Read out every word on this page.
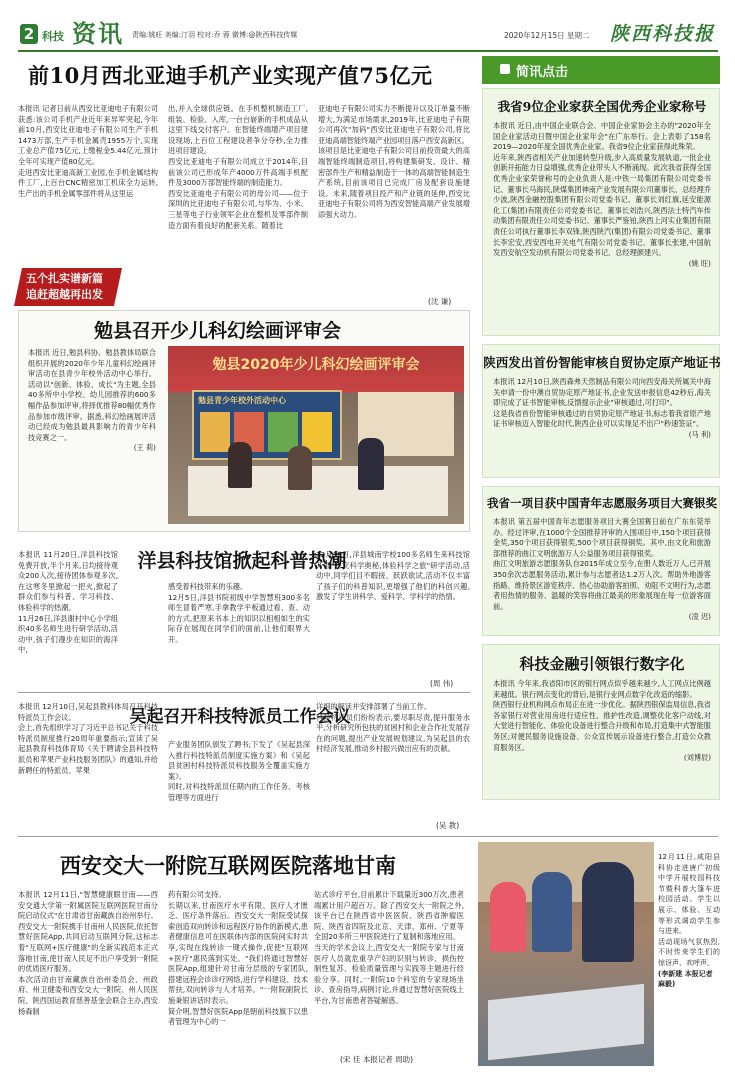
2 科技 资讯 责编:姚旺 美编:汀羽 校对:乔 蓉 微博:@陕西科技传媒	2020年12月15日 星期二 陕西科技报
前10月西北亚迪手机产业实现产值75亿元

本报讯 记者日前从西安比亚迪电子有限公司获悉:该公司手机产业近年来异军突起,今年前10月,西安比亚迪电子有限公司生产手机1473万部,生产手机金属壳1955万个,实现工业总产值75亿元,上缴税金5.44亿元,预计全年可实现产值80亿元。
走进西安比亚迪高新工业园,在手机金属结构件工厂,上百台CNC精密加工机床全力运转,生产出的手机金属零部件将从这里运

出,并入全球供应链。在手机整机制造工厂,组装、检验、入库,一台台崭新的手机成品从这里下线交付客户。在智能终端增产项目建设现场,上百位工程建设者争分夺秒,全力推进项目建设。
西安比亚迪电子有限公司成立于2014年,目前该公司已形成年产4000万件高端手机配件及3000万部智能终端的制造能力。
西安比亚迪电子有限公司的母公司——位于深圳的比亚迪电子有限公司,与华为、小米、三星等电子行业领军企业在整机及零部件制造方面有着良好的配套关系。随着比

亚迪电子有限公司实力不断提升以及订单量不断增大,为满足市场需求,2019年,比亚迪电子有限公司再次"加码"西安比亚迪电子有限公司,将比亚迪高端智能终端产业园项目落户西安高新区。
该项目是比亚迪电子有限公司目前投资最大的高端智能终端制造项目,将构建集研发、设计、精密部件生产和精益制造于一体的高端智能制造生产系统,目前该项目已完成厂房及配套设施建设。未来,随着项目投产和产业链的延伸,西安比亚迪电子有限公司将为西安智能高端产业发展增添强大动力。

(沈 谦)
五个扎实谱新篇
追赶超越再出发
勉县召开少儿科幻绘画评审会

本报讯 近日,勉县科协、勉县教体局联合组织开展的2020年少年儿童科幻绘画评审活动在县青少年校外活动中心举行。活动以"创新、体验、成长"为主题,全县40多所中小学校、幼儿园推荐的600多幅作品参加评审,将择优推荐80幅优秀作品参加市级评审。据悉,科幻绘画展评活动已经成为勉县最具影响力的青少年科技竞赛之一。
(王 莉)

勉县2020年少儿科幻绘画评审会
勉县青少年校外活动中心

本报讯 11月20日,洋县科技馆免费开放,半个月来,日均接待观众200人次,接待团体参观多次,在这寒冬里掀起一把火,掀起了群众们参与科普、学习科技、体验科学的热潮。
11月26日,洋县谢村中心小学组织40多名师生进行研学活动,活动中,孩子们漫步在知识的海洋中,

洋县科技馆掀起科普热潮

感受着科技带来的乐趣。
12月5日,洋县书院初级中学智慧班300多名师生冒着严寒,手拿教学平板通过看、查、动的方式,把原来书本上的知识以相相如生的实际存在展现在同学们的面前,让他们眼界大开。

12月10日,洋县城南学校100多名师生来科技馆开展"探究科学奥秘,体验科学之旅"研学活动,活动中,同学们目不暇接、跃跃欲试,活动不仅丰富了孩子们的科普知识,更增强了他们的科创兴趣,激发了学生讲科学、爱科学、学科学的热情。

(周 伟)

本报讯 12月10日,吴起县教科体局召开科技特派员工作会议。
会上,首先组织学习了习近平总书记关于科技特派员制度推行20周年重要指示;宣读了吴起县教育科技体育局《关于聘请全县科技特派员和苹果产业科技服务团队》的通知,并给新聘任的特派员、苹果

吴起召开科技特派员工作会议

产业服务团队颁发了聘书;下发了《吴起县深入推行科技特派员制度实施方案》和《吴起县贫困村科技特派员科技服务全覆盖实施方案》。
同时,对科技特派员任期内的工作任务、考核管理等方面进行

详细的解读并安排部署了当前工作。
科技特派员们纷纷表示,要尽职尽责,提升服务水平,分析研究所包扶的贫困村和企业合作社发展存在的问题,提出产业发展规划建议,为吴起县的农村经济发展,推动乡村振兴做出应有的贡献。

(吴 教)
西安交大一附院互联网医院落地甘南

本报讯 12月11日,"智慧健康眼甘南——西安交通大学第一附属医院互联网医院甘南分院启动仪式"在甘肃省甘南藏族自治州举行。
西安交大一附院携手甘南州人民医院,依托智慧好医院App,共同启动互联网分院,这标志着"互联网+医疗健康"的全新实践范本正式落地甘南,使甘南人民足不出户享受到一附院的优质医疗服务。
本次活动由甘南藏族自治州委员会、州政府、州卫健委和西安交大一附院、州人民医院、陕西国运教育慈善基金会联合主办,西安杨森制

药有限公司支持。
长期以来,甘南医疗水平有限、医疗人才匮乏、医疗条件落后。西安交大一附院受试探索创造双向转诊和远程医疗协作的新模式,患者健康信息可在医联体内部的医院间实时共享,实现在线转诊一键式操作,促使"互联网+医疗"惠民落到实处。"我们将通过智慧好医院App,组建针对甘南分层级的专家团队,搭建远程会诊诊疗网络,进行学科建设、技术帮扶,双向转诊与人才培养。"一附院副院长施秉银讲话时表示。
简介明,智慧好医院App是朝前科技旗下以患者管理为中心的一

站式诊疗平台,目前累计下载量近300万次,患者端累计用户超百万。除了西安交大一附院之外,该平台已在陕西省中医医院、陕西省肿瘤医院、陕西省四院及北京、天津、郑州、宁夏等全国20多所三甲医院进行了复制和落地应用。
当天的学术会议上,西安交大一附院专家与甘南医疗人员就危重孕产妇的识别与转诊、损伤控制性复苏、检验质量管理与实践等主题进行经验分享。同时,一附院10个科室的专家现场坐诊、查房指导,病例讨论,并通过智慧好医院线上平台,为甘南患者答疑解惑。

(宋 佳 本报记者 周助)

12月11日,咸阳县科协走进唐广初级中学开展校园科技节暨科普大篷车进校园活动。学生以展示、体验、互动等形式调动学生参与进来。
活动现场气氛热烈,不时传来学生们的惊讶声、欢呼声。
(李新建 本报记者 麻毅)

简讯点击
我省9位企业家获全国优秀企业家称号

本报讯 近日,由中国企业联合会、中国企业家协会主办的"2020年全国企业家活动日暨中国企业家年会"在广东举行。会上表彰了158名2019—2020年度全国优秀企业家。我省9位企业家获得此殊荣。
近年来,陕西省相关产业加速转型升级,步入高质量发展轨道,一批企业创新开拓能力日益增强,优秀企业带头人不断涌现。此次我省获得全国优秀企业家荣誉称号的企业负责人是:中铁一局集团有限公司党委书记、董事长马海民,陕煤集团神南产业发展有限公司董事长、总经理乔少波,陕西金融控股集团有限公司党委书记、董事长刘红旗,延安能源化工(集团)有限责任公司党委书记、董事长刘浩兴,陕西法士特汽车传动集团有限责任公司党委书记、董事长严鉴铂,陕西上河实业集团有限责任公司执行董事长李双锋,陕西陕汽(集团)有限公司党委书记、董事长李宏安,西安西电开关电气有限公司党委书记、董事长张建,中国航发西安航空发动机有限公司党委书记、总经理颜建兴。
(姚 旺)

陕西发出首份智能审核自贸协定原产地证书

本报讯 12月10日,陕西森弗天然制品有限公司向西安海关所属关中海关申请一份中澳自贸协定原产地证书,企业发送申报信息42秒后,海关即完成了证书智能审核,反馈提示企业"审核通过,可打印"。
这是我省首份智能审核通过的自贸协定原产地证书,标志着我省原产地证书审核迈入智能化时代,陕西企业可以实现足不出户"秒速签证"。
(马 利)

我省一项目获中国青年志愿服务项目大赛银奖

本报讯 第五届中国青年志愿服务项目大赛全国赛日前在广东东莞举办。经过评审,在1000个全国推荐评审的入围项目中,150个项目获得金奖,350个项目获得银奖,500个项目获得铜奖。其中,由文化和旅游部推荐的曲江文明旅游万人公益服务项目获得银奖。
曲江文明旅游志愿服务队自2015年成立至今,在册人数近万人,已开展350余次志愿服务活动,累计参与志愿者达1.2万人次。帮助外地游客指路、维持景区游览秩序、热心协助游客拍照、劝阻不文明行为,志愿者用热情的服务、温暖的笑容将曲江最美的形象展现在每一位游客面前。
(凌 迟)

科技金融引领银行数字化

本报讯 今年来,我省阳市区的银行网点似乎越来越少,人工网点比例越来越低。银行网点变化的背后,是银行业网点数字化改造的缩影。
陕西银行业机构网点布局正在进一步优化。据陕西银保监局信息,我省各家银行对营业用房进行适应性、推护性改造,调整优化客户动线,对大堂进行智能化、体验化设备进行整合升级和布局,打造集中式智能服务区;对便民服务设施设备、公众宣传展示设备进行整合,打造公众教育服务区。
(刘博辰)
